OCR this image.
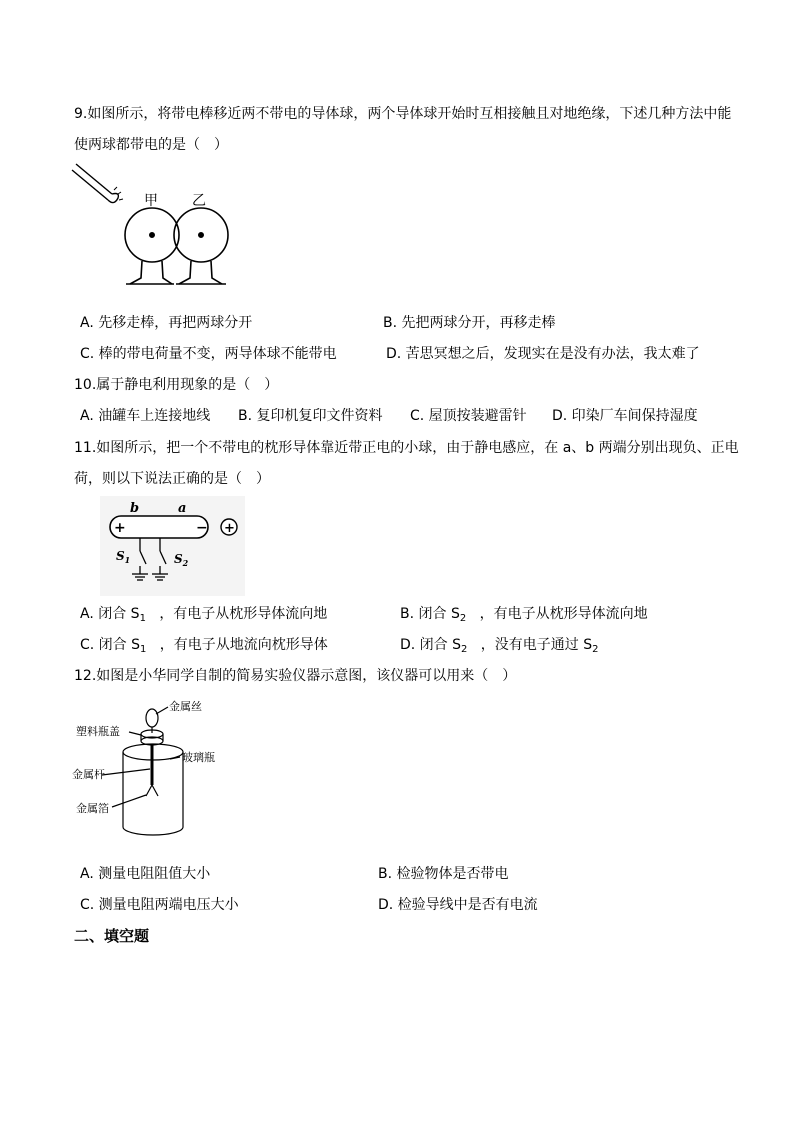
9.如图所示，将带电棒移近两不带电的导体球，两个导体球开始时互相接触且对地绝缘，下述几种方法中能
使两球都带电的是（　）
甲 乙
A. 先移走棒，再把两球分开	B. 先把两球分开，再移走棒
C. 棒的带电荷量不变，两导体球不能带电	D. 苦思冥想之后，发现实在是没有办法，我太难了
10.属于静电利用现象的是（　）
A. 油罐车上连接地线 B. 复印机复印文件资料 C. 屋顶按装避雷针 D. 印染厂车间保持湿度
11.如图所示，把一个不带电的枕形导体靠近带正电的小球，由于静电感应，在 a、b 两端分别出现负、正电
荷，则以下说法正确的是（　）
b	a
+	− +
$S_1$	$S_2$
A. 闭合 $S_1$ ，有电子从枕形导体流向地	B. 闭合 $S_2$ ，有电子从枕形导体流向地
C. 闭合 $S_1$ ，有电子从地流向枕形导体	D. 闭合 $S_2$ ，没有电子通过 $S_2$
12.如图是小华同学自制的简易实验仪器示意图，该仪器可以用来（　）
金属丝
塑料瓶盖
金属杆
金属箔
玻璃瓶
A. 测量电阻阻值大小	B. 检验物体是否带电
C. 测量电阻两端电压大小	D. 检验导线中是否有电流
二、填空题
